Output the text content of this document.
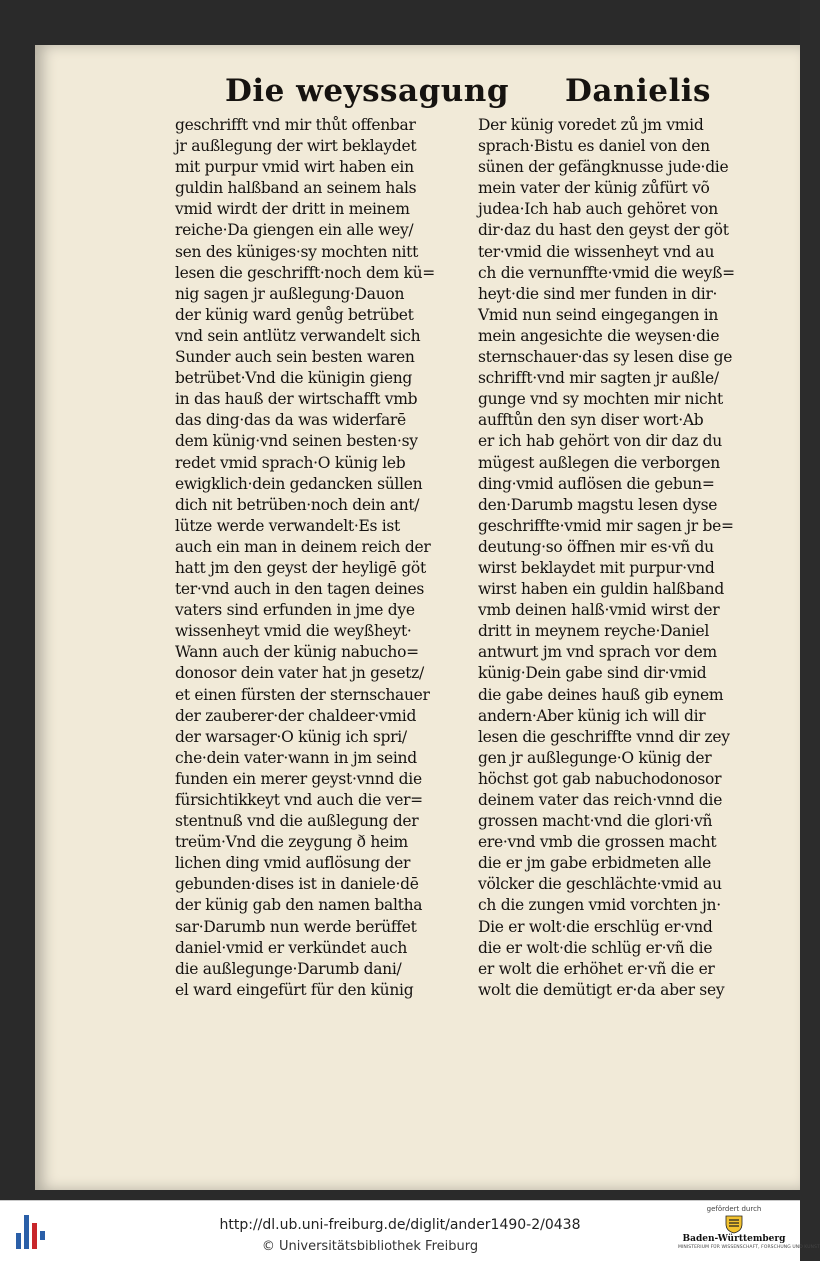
Die weyssagung Danielis
geschrifft vnd mir thůt offenbar
jr außlegung der wirt beklaydet
mit purpur vmid wirt haben ein
guldin halßband an seinem hals
vmid wirdt der dritt in meinem
reiche·Da giengen ein alle wey/
sen des küniges·sy mochten nitt
lesen die geschrifft·noch dem kü=
nig sagen jr außlegung·Dauon
der künig ward genůg betrübet
vnd sein antlütz verwandelt sich
Sunder auch sein besten waren
betrübet·Vnd die künigin gieng
in das hauß der wirtschafft vmb
das ding·das da was widerfarē
dem künig·vnd seinen besten·sy
redet vmid sprach·O künig leb
ewigklich·dein gedancken süllen
dich nit betrüben·noch dein ant/
lütze werde verwandelt·Es ist
auch ein man in deinem reich der
hatt jm den geyst der heyligē göt
ter·vnd auch in den tagen deines
vaters sind erfunden in jme dye
wissenheyt vmid die weyßheyt·
Wann auch der künig nabucho=
donosor dein vater hat jn gesetz/
et einen fürsten der sternschauer
der zauberer·der chaldeer·vmid
der warsager·O künig ich spri/
che·dein vater·wann in jm seind
funden ein merer geyst·vnnd die
fürsichtikkeyt vnd auch die ver=
stentnuß vnd die außlegung der
treüm·Vnd die zeygung ð heim
lichen ding vmid auflösung der
gebunden·dises ist in daniele·dē
der künig gab den namen baltha
sar·Darumb nun werde berüffet
daniel·vmid er verkündet auch
die außlegunge·Darumb dani/
el ward eingefürt für den künig
Der künig voredet zů jm vmid
sprach·Bistu es daniel von den
sünen der gefängknusse jude·die
mein vater der künig zůfürt võ
judea·Ich hab auch gehöret von
dir·daz du hast den geyst der göt
ter·vmid die wissenheyt vnd au
ch die vernunffte·vmid die weyß=
heyt·die sind mer funden in dir·
Vmid nun seind eingegangen in
mein angesichte die weysen·die
sternschauer·das sy lesen dise ge
schrifft·vnd mir sagten jr außle/
gunge vnd sy mochten mir nicht
aufftůn den syn diser wort·Ab
er ich hab gehört von dir daz du
mügest außlegen die verborgen
ding·vmid auflösen die gebun=
den·Darumb magstu lesen dyse
geschriffte·vmid mir sagen jr be=
deutung·so öffnen mir es·vñ du
wirst beklaydet mit purpur·vnd
wirst haben ein guldin halßband
vmb deinen halß·vmid wirst der
dritt in meynem reyche·Daniel
antwurt jm vnd sprach vor dem
künig·Dein gabe sind dir·vmid
die gabe deines hauß gib eynem
andern·Aber künig ich will dir
lesen die geschriffte vnnd dir zey
gen jr außlegunge·O künig der
höchst got gab nabuchodonosor
deinem vater das reich·vnnd die
grossen macht·vnd die glori·vñ
ere·vnd vmb die grossen macht
die er jm gabe erbidmeten alle
völcker die geschlächte·vmid au
ch die zungen vmid vorchten jn·
Die er wolt·die erschlüg er·vnd
die er wolt·die schlüg er·vñ die
er wolt die erhöhet er·vñ die er
wolt die demütigt er·da aber sey
http://dl.ub.uni-freiburg.de/diglit/ander1490-2/0438
© Universitätsbibliothek Freiburg
gefördert durch
Baden-Württemberg
MINISTERIUM FÜR WISSENSCHAFT, FORSCHUNG UND KUNST
